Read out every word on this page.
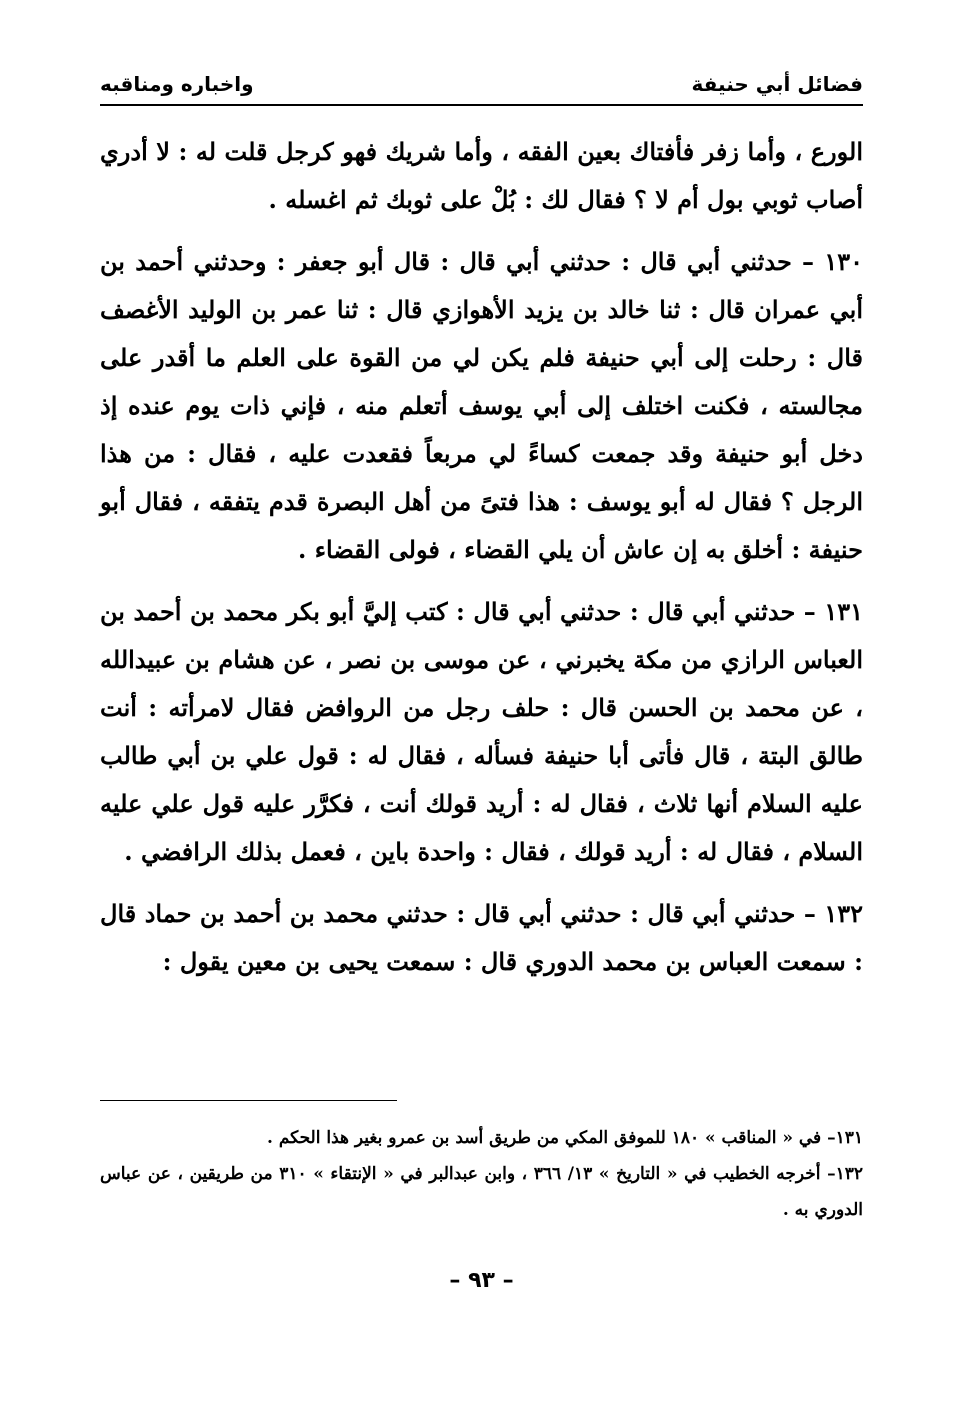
فضائل أبي حنيفة
واخباره ومناقبه

الورع ، وأما زفر فأفتاك بعين الفقه ، وأما شريك فهو كرجل قلت له : لا أدري أصاب ثوبي بول أم لا ؟ فقال لك : بُلْ على ثوبك ثم اغسله .

١٣٠ – حدثني أبي قال : حدثني أبي قال : قال أبو جعفر : وحدثني أحمد بن أبي عمران قال : ثنا خالد بن يزيد الأهوازي قال : ثنا عمر بن الوليد الأغصف قال : رحلت إلى أبي حنيفة فلم يكن لي من القوة على العلم ما أقدر على مجالسته ، فكنت اختلف إلى أبي يوسف أتعلم منه ، فإني ذات يوم عنده إذ دخل أبو حنيفة وقد جمعت كساءً لي مربعاً فقعدت عليه ، فقال : من هذا الرجل ؟ فقال له أبو يوسف : هذا فتىً من أهل البصرة قدم يتفقه ، فقال أبو حنيفة : أخلق به إن عاش أن يلي القضاء ، فولى القضاء .

١٣١ – حدثني أبي قال : حدثني أبي قال : كتب إليَّ أبو بكر محمد بن أحمد بن العباس الرازي من مكة يخبرني ، عن موسى بن نصر ، عن هشام بن عبيدالله ، عن محمد بن الحسن قال : حلف رجل من الروافض فقال لامرأته : أنت طالق البتة ، قال فأتى أبا حنيفة فسأله ، فقال له : قول علي بن أبي طالب عليه السلام أنها ثلاث ، فقال له : أريد قولك أنت ، فكرَّر عليه قول علي عليه السلام ، فقال له : أريد قولك ، فقال : واحدة باين ، فعمل بذلك الرافضي .

١٣٢ – حدثني أبي قال : حدثني أبي قال : حدثني محمد بن أحمد بن حماد قال : سمعت العباس بن محمد الدوري قال : سمعت يحيى بن معين يقول :

١٣١– في « المناقب » ١٨٠ للموفق المكي من طريق أسد بن عمرو بغير هذا الحكم .

١٣٢– أخرجه الخطيب في « التاريخ » ١٣/ ٣٦٦ ، وابن عبدالبر في « الإنتقاء » ٣١٠ من طريقين ، عن عباس الدوري به .

– ٩٣ –
